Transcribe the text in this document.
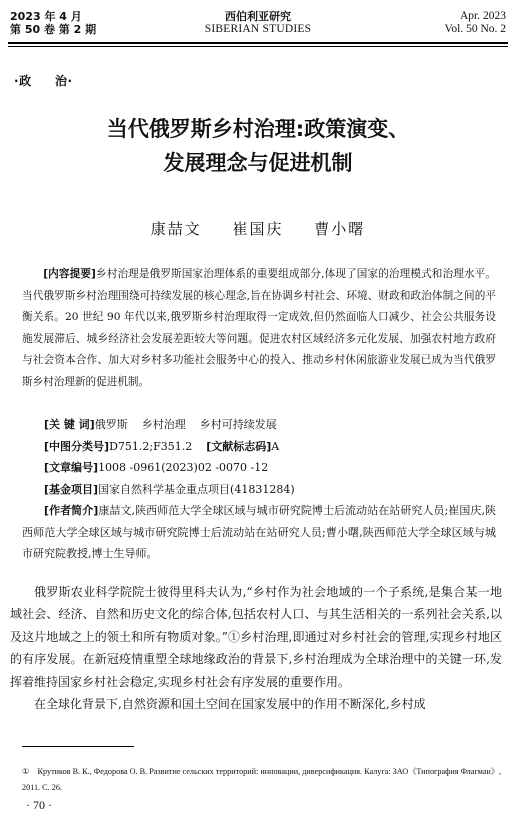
2023 年 4 月
第 50 卷 第 2 期
西伯利亚研究
SIBERIAN STUDIES
Apr. 2023
Vol. 50 No. 2
·政 治·
当代俄罗斯乡村治理:政策演变、
发展理念与促进机制
康喆文 崔国庆 曹小曙
[内容提要]乡村治理是俄罗斯国家治理体系的重要组成部分,体现了国家的治理模式和治理水平。当代俄罗斯乡村治理围绕可持续发展的核心理念,旨在协调乡村社会、环境、财政和政治体制之间的平衡关系。20 世纪 90 年代以来,俄罗斯乡村治理取得一定成效,但仍然面临人口减少、社会公共服务设施发展滞后、城乡经济社会发展差距较大等问题。促进农村区域经济多元化发展、加强农村地方政府与社会资本合作、加大对乡村多功能社会服务中心的投入、推动乡村休闲旅游业发展已成为当代俄罗斯乡村治理新的促进机制。
[关 键 词]俄罗斯 乡村治理 乡村可持续发展
[中图分类号]D751.2;F351.2 [文献标志码]A
[文章编号]1008 -0961(2023)02 -0070 -12
[基金项目]国家自然科学基金重点项目(41831284)
[作者简介]康喆文,陕西师范大学全球区域与城市研究院博士后流动站在站研究人员;崔国庆,陕西师范大学全球区域与城市研究院博士后流动站在站研究人员;曹小曙,陕西师范大学全球区域与城市研究院教授,博士生导师。

俄罗斯农业科学院院士彼得里科夫认为,“乡村作为社会地域的一个子系统,是集合某一地域社会、经济、自然和历史文化的综合体,包括农村人口、与其生活相关的一系列社会关系,以及这片地域之上的领土和所有物质对象。”①乡村治理,即通过对乡村社会的管理,实现乡村地区的有序发展。在新冠疫情重塑全球地缘政治的背景下,乡村治理成为全球治理中的关键一环,发挥着维持国家乡村社会稳定,实现乡村社会有序发展的重要作用。

在全球化背景下,自然资源和国土空间在国家发展中的作用不断深化,乡村成

①　Крутиков В. К., Федорова О. В. Развитие сельских территорий: инновации, диверсификация. Калуга: ЗАО《Типография Флагман》, 2011. С. 26.
· 70 ·
